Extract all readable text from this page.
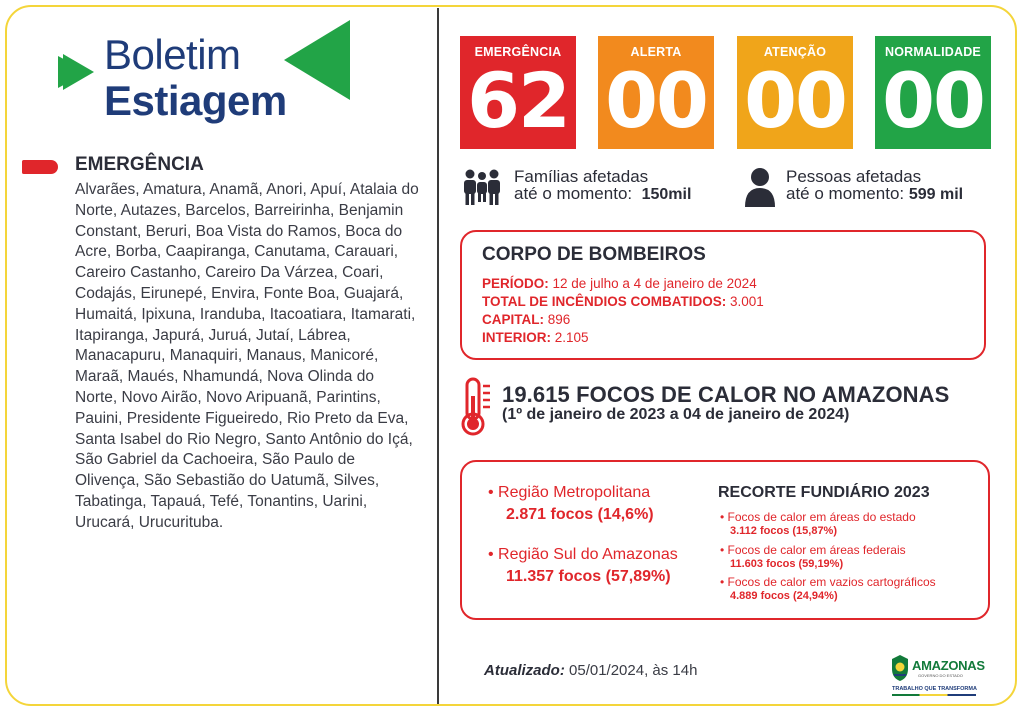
Boletim
Estiagem
EMERGÊNCIA
Alvarães, Amatura, Anamã, Anori, Apuí, Atalaia do Norte, Autazes, Barcelos, Barreirinha, Benjamin Constant, Beruri, Boa Vista do Ramos, Boca do Acre, Borba, Caapiranga, Canutama, Carauari, Careiro Castanho, Careiro Da Várzea, Coari, Codajás, Eirunepé, Envira, Fonte Boa, Guajará, Humaitá, Ipixuna, Iranduba, Itacoatiara, Itamarati, Itapiranga, Japurá, Juruá, Jutaí, Lábrea, Manacapuru, Manaquiri, Manaus, Manicoré, Maraã, Maués, Nhamundá, Nova Olinda do Norte, Novo Airão, Novo Aripuanã, Parintins, Pauini, Presidente Figueiredo, Rio Preto da Eva, Santa Isabel do Rio Negro, Santo Antônio do Içá, São Gabriel da Cachoeira, São Paulo de Olivença, São Sebastião do Uatumã, Silves, Tabatinga, Tapauá, Tefé, Tonantins, Uarini, Urucará, Urucurituba.
EMERGÊNCIA
62
ALERTA
00
ATENÇÃO
00
NORMALIDADE
00
Famílias afetadas
até o momento: 150mil
Pessoas afetadas
até o momento: 599 mil
CORPO DE BOMBEIROS
PERÍODO: 12 de julho a 4 de janeiro de 2024
TOTAL DE INCÊNDIOS COMBATIDOS: 3.001
CAPITAL: 896
INTERIOR: 2.105
19.615 FOCOS DE CALOR NO AMAZONAS
(1º de janeiro de 2023 a 04 de janeiro de 2024)
• Região Metropolitana
2.871 focos (14,6%)
• Região Sul do Amazonas
11.357 focos (57,89%)
RECORTE FUNDIÁRIO 2023
• Focos de calor em áreas do estado
3.112 focos (15,87%)
• Focos de calor em áreas federais
11.603 focos (59,19%)
• Focos de calor em vazios cartográficos
4.889 focos (24,94%)
Atualizado: 05/01/2024, às 14h	AMAZONAS
GOVERNO DO ESTADO
TRABALHO QUE TRANSFORMA
